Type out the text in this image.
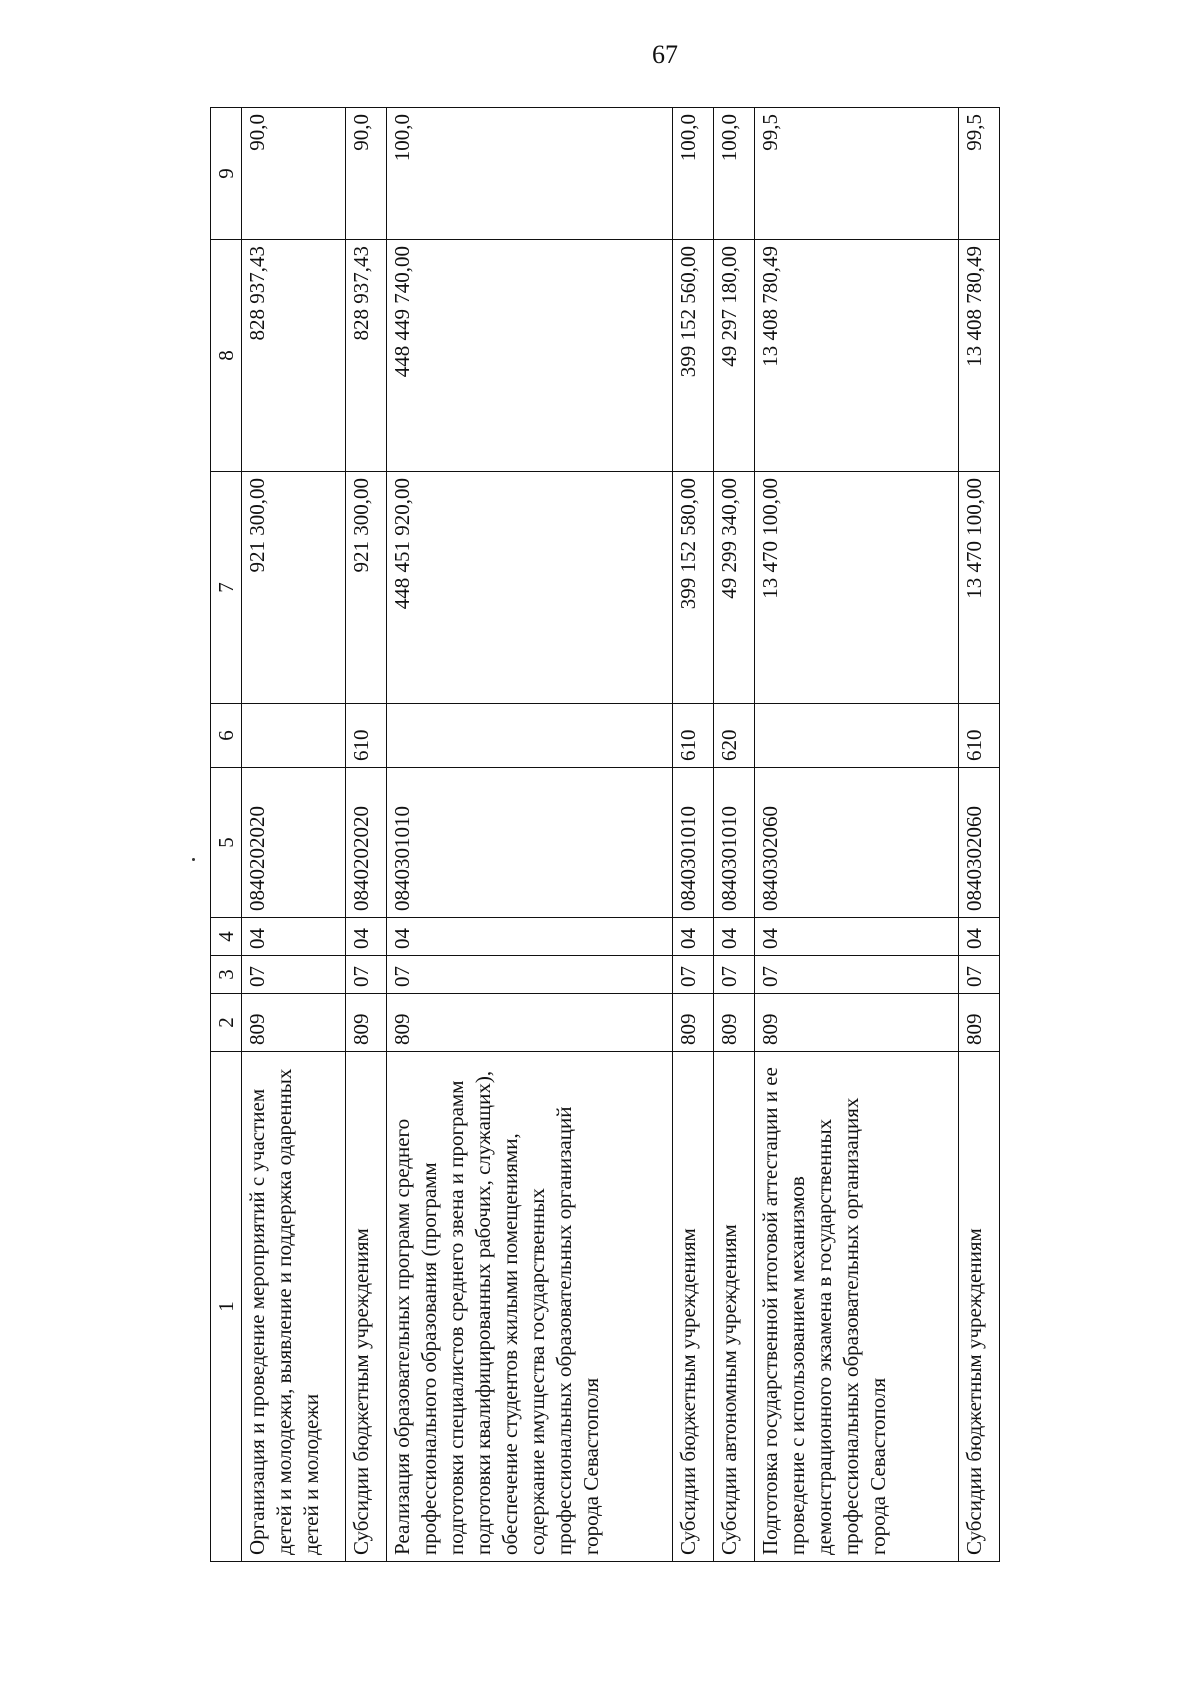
67
1	2	3	4	5	6	7	8	9
Организация и проведение мероприятий с участием детей и молодежи, выявление и поддержка одаренных детей и молодежи	809	07	04	0840202020		921 300,00	828 937,43	90,0
Субсидии бюджетным учреждениям	809	07	04	0840202020	610	921 300,00	828 937,43	90,0
Реализация образовательных программ среднего профессионального образования (программ подготовки специалистов среднего звена и программ подготовки квалифицированных рабочих, служащих), обеспечение студентов жилыми помещениями, содержание имущества государственных профессиональных образовательных организаций города Севастополя	809	07	04	0840301010		448 451 920,00	448 449 740,00	100,0
Субсидии бюджетным учреждениям	809	07	04	0840301010	610	399 152 580,00	399 152 560,00	100,0
Субсидии автономным учреждениям	809	07	04	0840301010	620	49 299 340,00	49 297 180,00	100,0
Подготовка государственной итоговой аттестации и ее проведение с использованием механизмов демонстрационного экзамена в государственных профессиональных образовательных организациях города Севастополя	809	07	04	0840302060		13 470 100,00	13 408 780,49	99,5
Субсидии бюджетным учреждениям	809	07	04	0840302060	610	13 470 100,00	13 408 780,49	99,5
